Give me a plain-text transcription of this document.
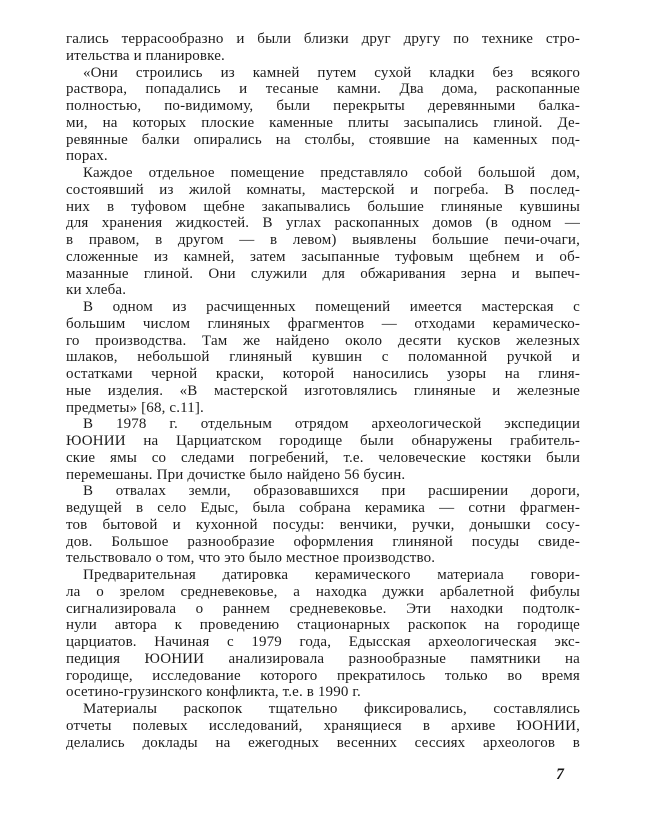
гались террасообразно и были близки друг другу по технике стро-
ительства и планировке.
«Они строились из камней путем сухой кладки без всякого
раствора, попадались и тесаные камни. Два дома, раскопанные
полностью, по-видимому, были перекрыты деревянными балка-
ми, на которых плоские каменные плиты засыпались глиной. Де-
ревянные балки опирались на столбы, стоявшие на каменных под-
порах.
Каждое отдельное помещение представляло собой большой дом,
состоявший из жилой комнаты, мастерской и погреба. В послед-
них в туфовом щебне закапывались большие глиняные кувшины
для хранения жидкостей. В углах раскопанных домов (в одном —
в правом, в другом — в левом) выявлены большие печи-очаги,
сложенные из камней, затем засыпанные туфовым щебнем и об-
мазанные глиной. Они служили для обжаривания зерна и выпеч-
ки хлеба.
В одном из расчищенных помещений имеется мастерская с
большим числом глиняных фрагментов — отходами керамическо-
го производства. Там же найдено около десяти кусков железных
шлаков, небольшой глиняный кувшин с поломанной ручкой и
остатками черной краски, которой наносились узоры на глиня-
ные изделия. «В мастерской изготовлялись глиняные и железные
предметы» [68, с.11].
В 1978 г. отдельным отрядом археологической экспедиции
ЮОНИИ на Царциатском городище были обнаружены грабитель-
ские ямы со следами погребений, т.е. человеческие костяки были
перемешаны. При дочистке было найдено 56 бусин.
В отвалах земли, образовавшихся при расширении дороги,
ведущей в село Едыс, была собрана керамика — сотни фрагмен-
тов бытовой и кухонной посуды: венчики, ручки, донышки сосу-
дов. Большое разнообразие оформления глиняной посуды свиде-
тельствовало о том, что это было местное производство.
Предварительная датировка керамического материала говори-
ла о зрелом средневековье, а находка дужки арбалетной фибулы
сигнализировала о раннем средневековье. Эти находки подтолк-
нули автора к проведению стационарных раскопок на городище
царциатов. Начиная с 1979 года, Едысская археологическая экс-
педиция ЮОНИИ анализировала разнообразные памятники на
городище, исследование которого прекратилось только во время
осетино-грузинского конфликта, т.е. в 1990 г.
Материалы раскопок тщательно фиксировались, составлялись
отчеты полевых исследований, хранящиеся в архиве ЮОНИИ,
делались доклады на ежегодных весенних сессиях археологов в
7
